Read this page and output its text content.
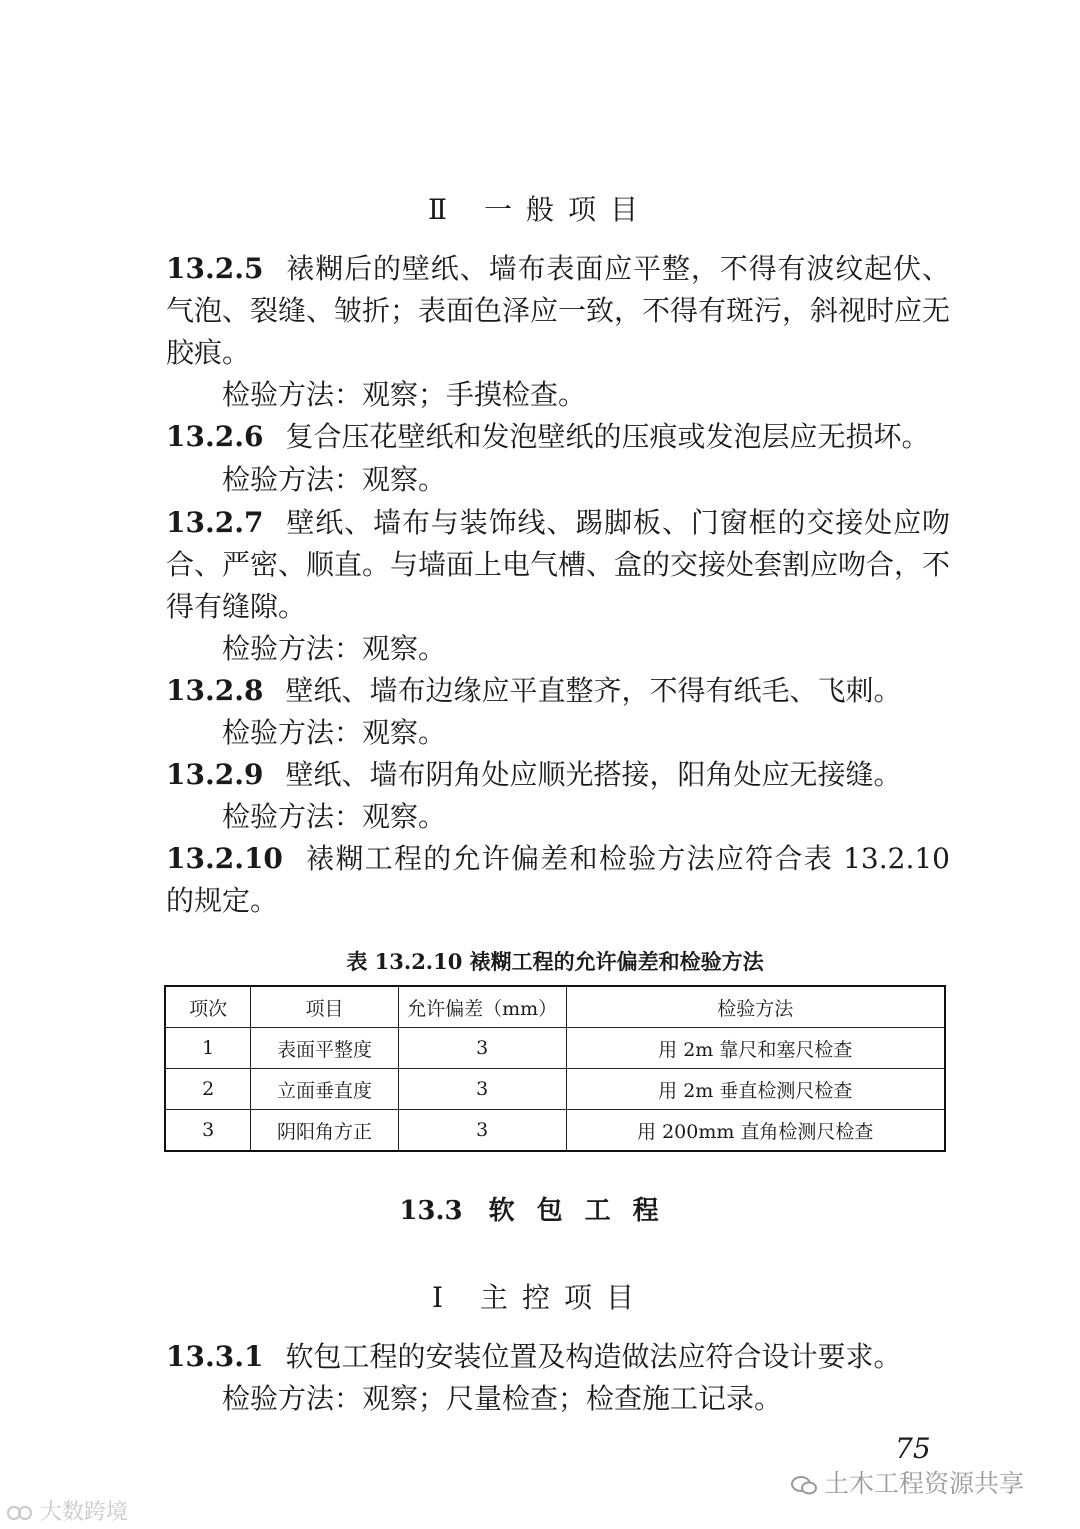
Ⅱ 一般项目
13.2.5 裱糊后的壁纸、墙布表面应平整，不得有波纹起伏、气泡、裂缝、皱折；表面色泽应一致，不得有斑污，斜视时应无胶痕。
检验方法：观察；手摸检查。
13.2.6 复合压花壁纸和发泡壁纸的压痕或发泡层应无损坏。
检验方法：观察。
13.2.7 壁纸、墙布与装饰线、踢脚板、门窗框的交接处应吻合、严密、顺直。与墙面上电气槽、盒的交接处套割应吻合，不得有缝隙。
检验方法：观察。
13.2.8 壁纸、墙布边缘应平直整齐，不得有纸毛、飞刺。
检验方法：观察。
13.2.9 壁纸、墙布阴角处应顺光搭接，阳角处应无接缝。
检验方法：观察。
13.2.10 裱糊工程的允许偏差和检验方法应符合表 13.2.10 的规定。
表 13.2.10 裱糊工程的允许偏差和检验方法
项次	项目	允许偏差（mm）	检验方法
1	表面平整度	3	用 2m 靠尺和塞尺检查
2	立面垂直度	3	用 2m 垂直检测尺检查
3	阴阳角方正	3	用 200mm 直角检测尺检查
13.3 软包工程
Ⅰ 主控项目
13.3.1 软包工程的安装位置及构造做法应符合设计要求。
检验方法：观察；尺量检查；检查施工记录。
75
土木工程资源共享
大数跨境
